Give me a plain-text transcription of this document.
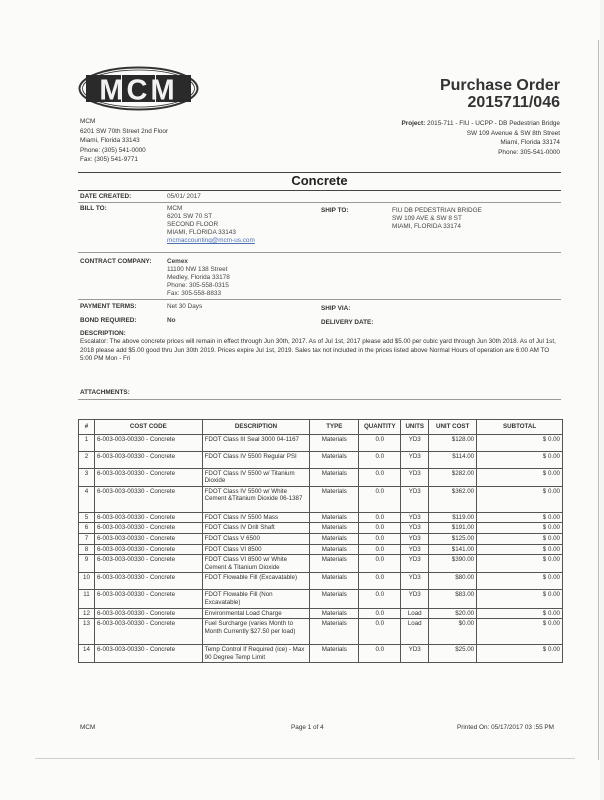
MCM
MCM
6201 SW 70th Street 2nd Floor
Miami, Florida 33143
Phone: (305) 541-0000
Fax: (305) 541-9771
Purchase Order
2015711/046
Project: 2015-711 - FIU - UCPP - DB Pedestrian Bridge
SW 109 Avenue & SW 8th Street
Miami, Florida 33174
Phone: 305-541-0000
Concrete
DATE CREATED:	05/01/ 2017
BILL TO:	MCM
6201 SW 70 ST
SECOND FLOOR
MIAMI, FLORIDA 33143
mcmaccounting@mcm-us.com
SHIP TO:	FIU DB PEDESTRIAN BRIDGE
SW 109 AVE & SW 8 ST
MIAMI, FLORIDA 33174
CONTRACT COMPANY: Cemex
11100 NW 138 Street
Medley, Florida 33178
Phone: 305-558-0315
Fax: 305-558-8833
PAYMENT TERMS:	Net 30 Days	SHIP VIA:
BOND REQUIRED:	No	DELIVERY DATE:
DESCRIPTION:
Escalator: The above concrete prices will remain in effect through Jun 30th, 2017. As of Jul 1st, 2017 please add $5.00 per cubic yard through Jun 30th 2018. As of Jul 1st, 2018 please add $5.00 good thru Jun 30th 2019. Prices expire Jul 1st, 2019. Sales tax not included in the prices listed above Normal Hours of operation are 6:00 AM TO 5:00 PM Mon - Fri
ATTACHMENTS:
#	COST CODE	DESCRIPTION	TYPE	QUANTITY	UNITS	UNIT COST	SUBTOTAL
1	6-003-003-00330 - Concrete	FDOT Class III Seal 3000 04-1167	Materials	0.0	YD3	$128.00	$ 0.00
2	6-003-003-00330 - Concrete	FDOT Class IV 5500 Regular PSI	Materials	0.0	YD3	$114.00	$ 0.00
3	6-003-003-00330 - Concrete	FDOT Class IV 5500 w/ Titanium Dioxide	Materials	0.0	YD3	$282.00	$ 0.00
4	6-003-003-00330 - Concrete	FDOT Class IV 5500 w/ White Cement &Titanium Dioxide 06-1387	Materials	0.0	YD3	$362.00	$ 0.00
5	6-003-003-00330 - Concrete	FDOT Class IV 5500 Mass	Materials	0.0	YD3	$119.00	$ 0.00
6	6-003-003-00330 - Concrete	FDOT Class IV Drill Shaft	Materials	0.0	YD3	$191.00	$ 0.00
7	6-003-003-00330 - Concrete	FDOT Class V 6500	Materials	0.0	YD3	$125.00	$ 0.00
8	6-003-003-00330 - Concrete	FDOT Class VI 8500	Materials	0.0	YD3	$141.00	$ 0.00
9	6-003-003-00330 - Concrete	FDOT Class VI 8500 w/ White Cement & Titanium Dioxide	Materials	0.0	YD3	$390.00	$ 0.00
10	6-003-003-00330 - Concrete	FDOT Flowable Fill (Excavatable)	Materials	0.0	YD3	$80.00	$ 0.00
11	6-003-003-00330 - Concrete	FDOT Flowable Fill (Non Excavatable)	Materials	0.0	YD3	$83.00	$ 0.00
12	6-003-003-00330 - Concrete	Environmental Load Charge	Materials	0.0	Load	$20.00	$ 0.00
13	6-003-003-00330 - Concrete	Fuel Surcharge (varies Month to Month Currently $27.50 per load)	Materials	0.0	Load	$0.00	$ 0.00
14	6-003-003-00330 - Concrete	Temp Control If Required (ice) - Max 90 Degree Temp Limit	Materials	0.0	YD3	$25.00	$ 0.00
MCM	Page 1 of 4	Printed On: 05/17/2017 03 :55 PM
